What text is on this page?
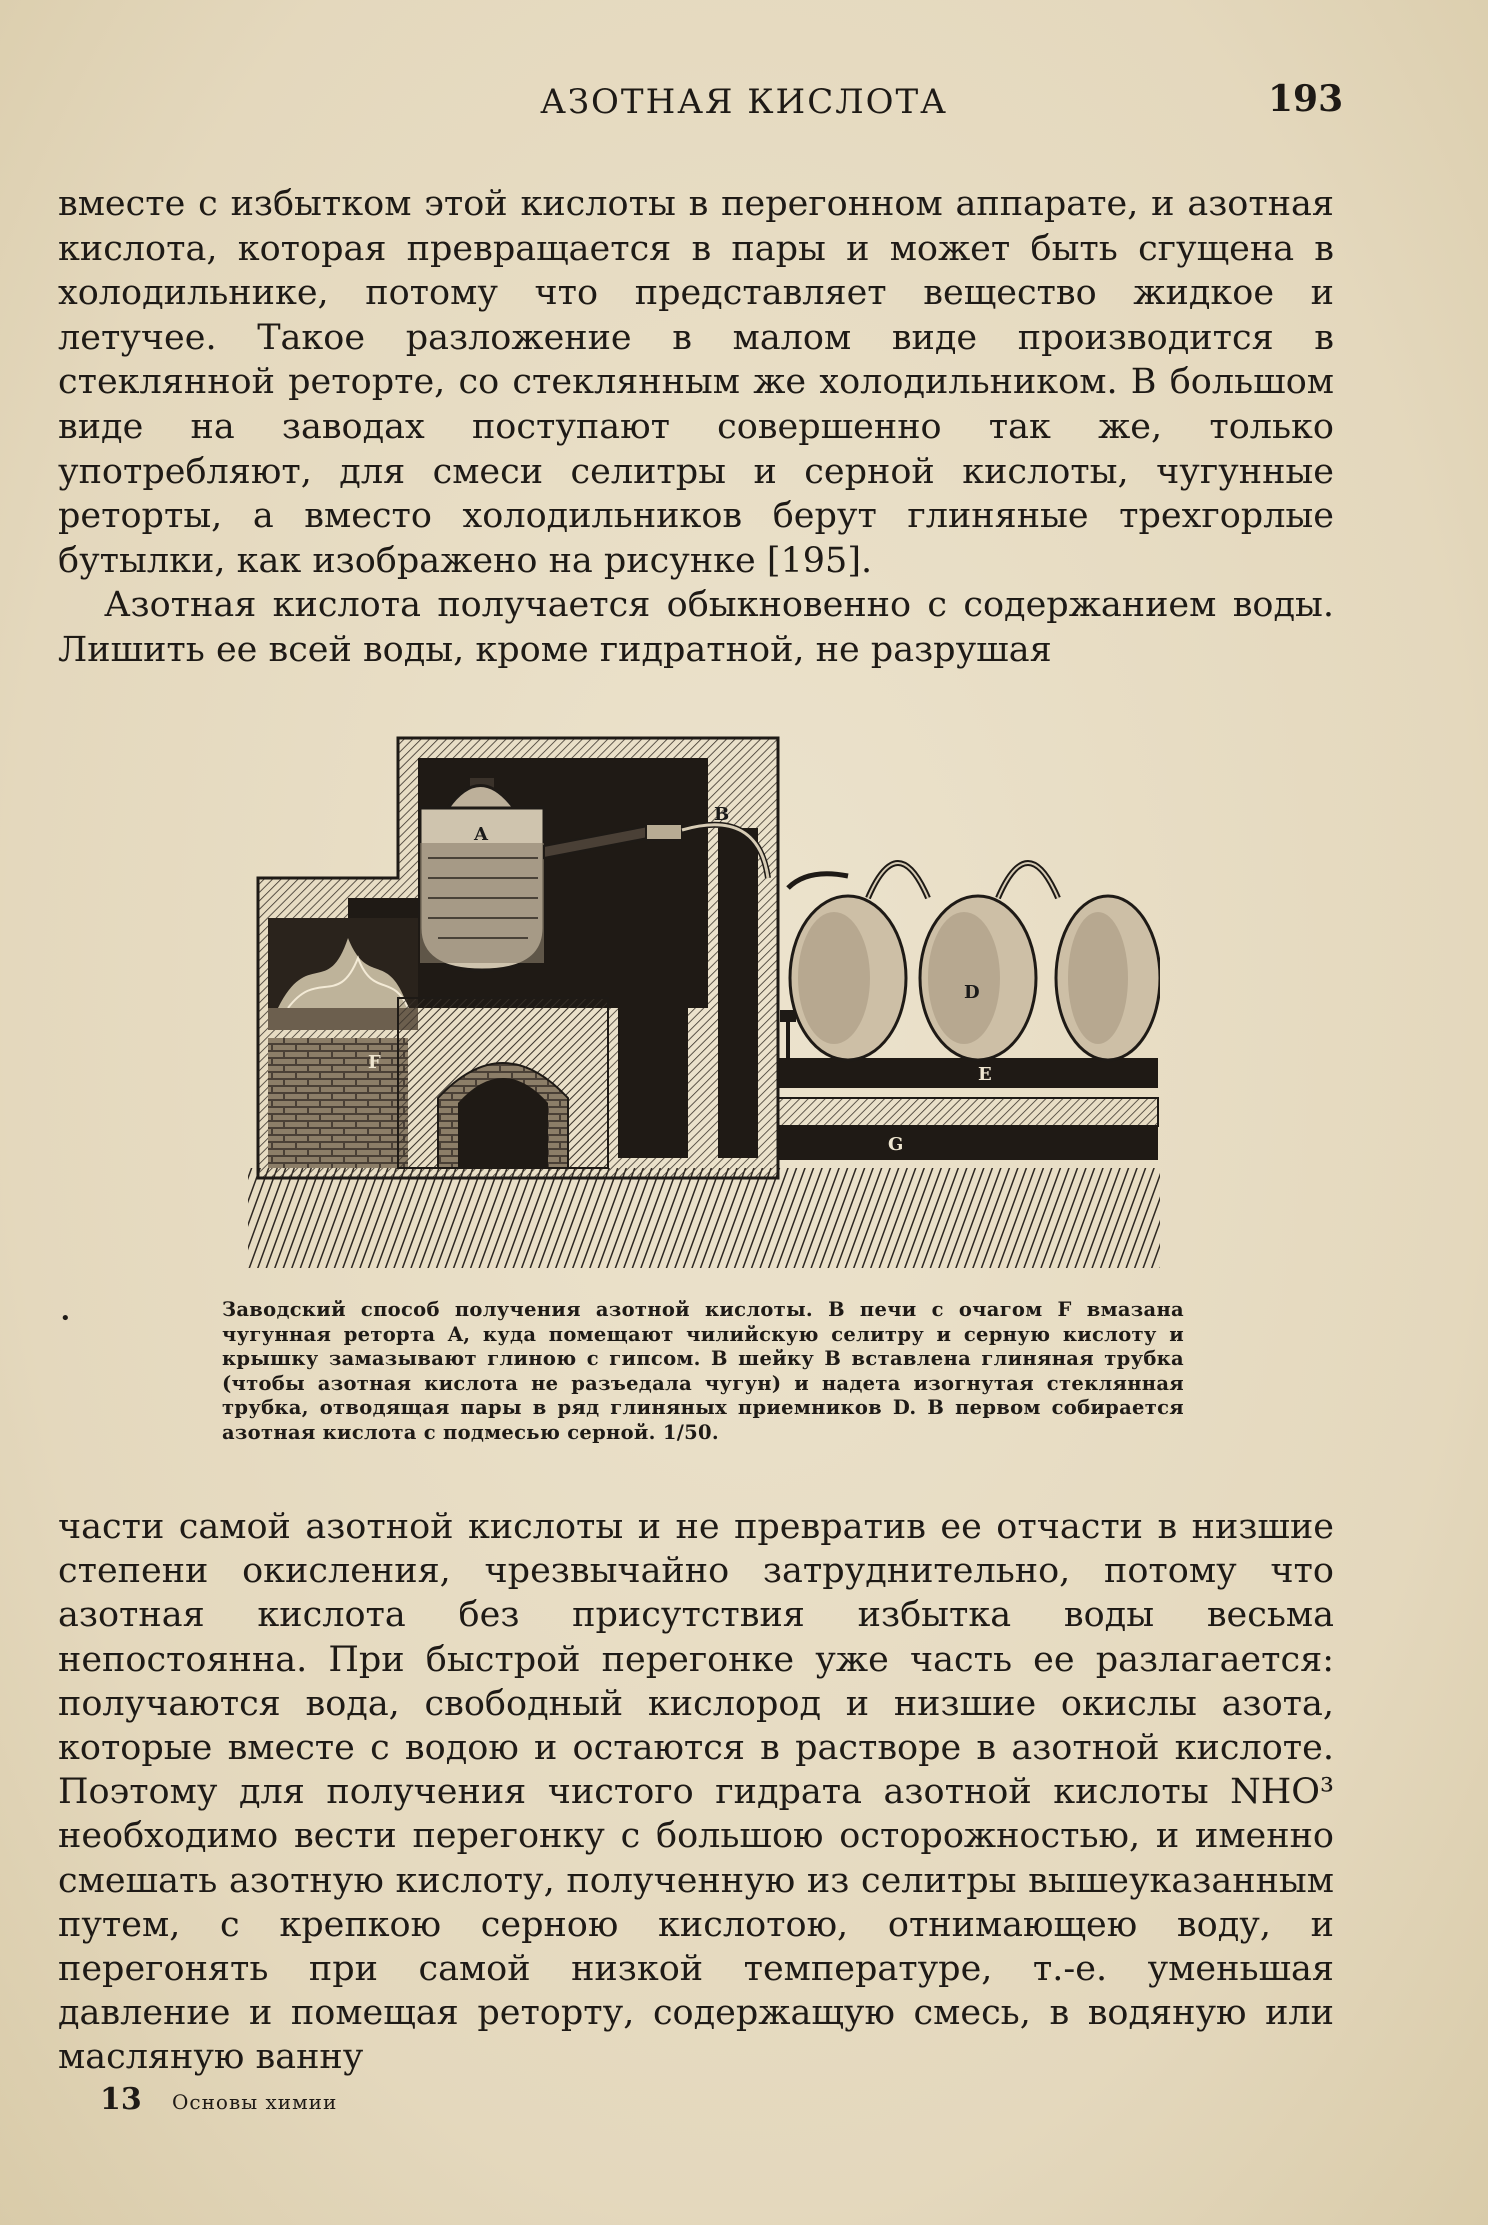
АЗОТНАЯ КИСЛОТА	193

вместе с избытком этой кислоты в перегонном аппарате, и азотная кислота, которая превращается в пары и может быть сгущена в холодильнике, потому что представляет вещество жидкое и летучее. Такое разложение в малом виде производится в стеклянной реторте, со стеклянным же холодильником. В большом виде на заводах поступают совершенно так же, только употребляют, для смеси селитры и серной кислоты, чугунные реторты, а вместо холодильников берут глиняные трехгорлые бутылки, как изображено на рисунке [195].

Азотная кислота получается обыкновенно с содержанием воды. Лишить ее всей воды, кроме гидратной, не разрушая

A
B
D
E
F
G
•	Заводский способ получения азотной кислоты. В печи с очагом F вмазана чугунная реторта A, куда помещают чилийскую селитру и серную кислоту и крышку замазывают глиною с гипсом. В шейку B вставлена глиняная трубка (чтобы азотная кислота не разъедала чугун) и надета изогнутая стеклянная трубка, отводящая пары в ряд глиняных приемников D. В первом собирается азотная кислота с подмесью серной. 1/50.

части самой азотной кислоты и не превратив ее отчасти в низшие степени окисления, чрезвычайно затруднительно, потому что азотная кислота без присутствия избытка воды весьма непостоянна. При быстрой перегонке уже часть ее разлагается: получаются вода, свободный кислород и низшие окислы азота, которые вместе с водою и остаются в растворе в азотной кислоте. Поэтому для получения чистого гидрата азотной кислоты NHO³ необходимо вести перегонку с большою осторожностью, и именно смешать азотную кислоту, полученную из селитры вышеуказанным путем, с крепкою серною кислотою, отнимающею воду, и перегонять при самой низкой температуре, т.-е. уменьшая давление и помещая реторту, содержащую смесь, в водяную или масляную ванну

13 Основы химии
